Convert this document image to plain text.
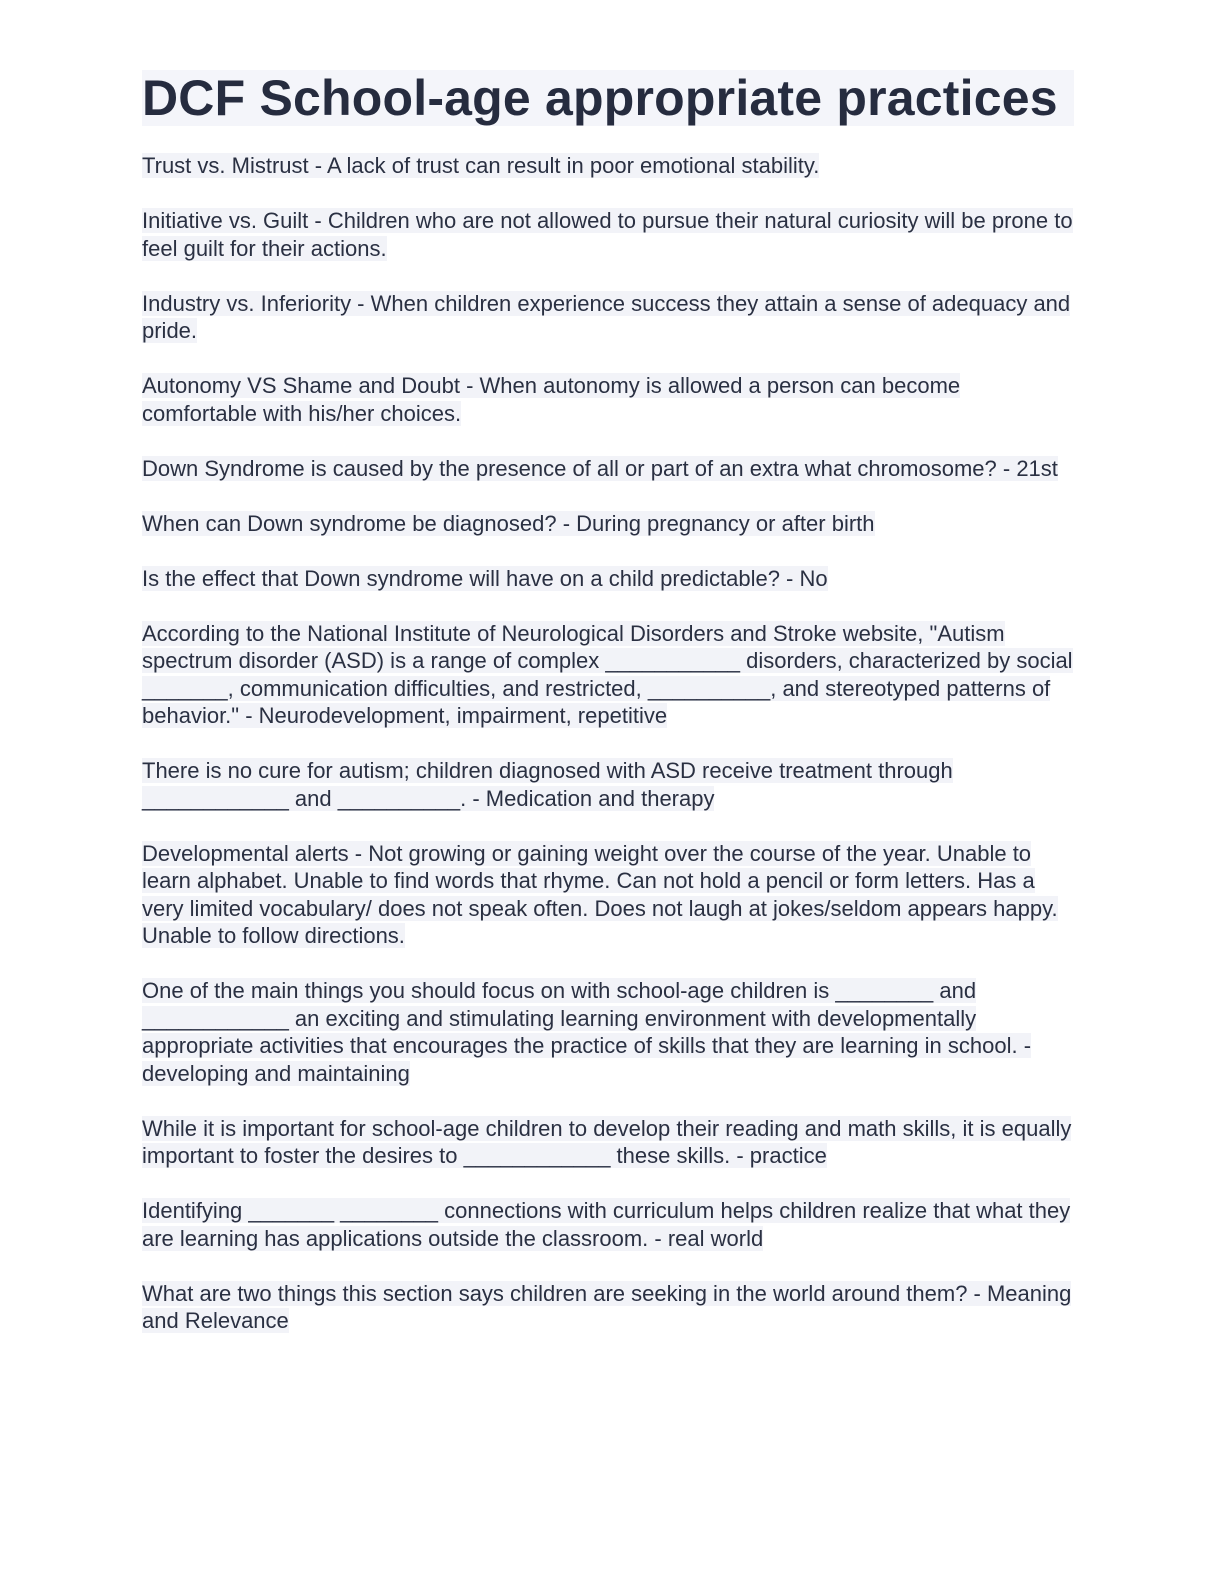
DCF School-age appropriate practices

Trust vs. Mistrust - A lack of trust can result in poor emotional stability.

Initiative vs. Guilt - Children who are not allowed to pursue their natural curiosity will be prone to feel guilt for their actions.

Industry vs. Inferiority - When children experience success they attain a sense of adequacy and pride.

Autonomy VS Shame and Doubt - When autonomy is allowed a person can become comfortable with his/her choices.

Down Syndrome is caused by the presence of all or part of an extra what chromosome? - 21st

When can Down syndrome be diagnosed? - During pregnancy or after birth

Is the effect that Down syndrome will have on a child predictable? - No

According to the National Institute of Neurological Disorders and Stroke website, "Autism spectrum disorder (ASD) is a range of complex ___________ disorders, characterized by social _______, communication difficulties, and restricted, __________, and stereotyped patterns of behavior." - Neurodevelopment, impairment, repetitive

There is no cure for autism; children diagnosed with ASD receive treatment through ____________ and __________. - Medication and therapy

Developmental alerts - Not growing or gaining weight over the course of the year. Unable to learn alphabet. Unable to find words that rhyme. Can not hold a pencil or form letters. Has a very limited vocabulary/ does not speak often. Does not laugh at jokes/seldom appears happy. Unable to follow directions.

One of the main things you should focus on with school-age children is ________ and ____________ an exciting and stimulating learning environment with developmentally appropriate activities that encourages the practice of skills that they are learning in school. - developing and maintaining

While it is important for school-age children to develop their reading and math skills, it is equally important to foster the desires to ____________ these skills. - practice

Identifying _______ ________ connections with curriculum helps children realize that what they are learning has applications outside the classroom. - real world

What are two things this section says children are seeking in the world around them? - Meaning and Relevance
